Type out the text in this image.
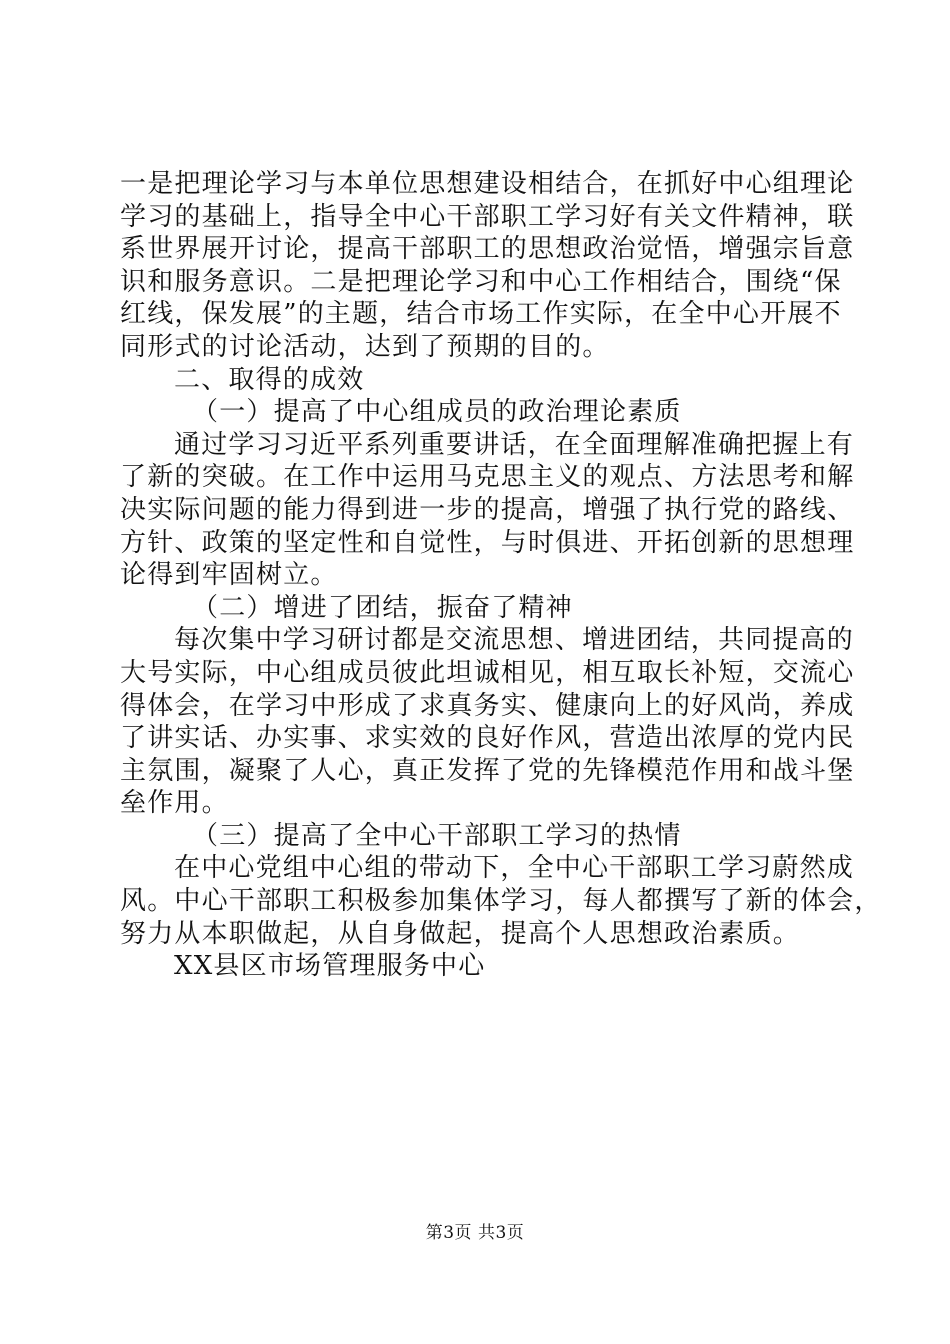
一是把理论学习与本单位思想建设相结合，在抓好中心组理论
学习的基础上，指导全中心干部职工学习好有关文件精神，联
系世界展开讨论，提高干部职工的思想政治觉悟，增强宗旨意
识和服务意识。二是把理论学习和中心工作相结合，围绕“保
红线，保发展”的主题，结合市场工作实际，在全中心开展不
同形式的讨论活动，达到了预期的目的。
二、取得的成效
（一）提高了中心组成员的政治理论素质
通过学习习近平系列重要讲话，在全面理解准确把握上有
了新的突破。在工作中运用马克思主义的观点、方法思考和解
决实际问题的能力得到进一步的提高，增强了执行党的路线、
方针、政策的坚定性和自觉性，与时俱进、开拓创新的思想理
论得到牢固树立。
（二）增进了团结，振奋了精神
每次集中学习研讨都是交流思想、增进团结，共同提高的
大号实际，中心组成员彼此坦诚相见，相互取长补短，交流心
得体会，在学习中形成了求真务实、健康向上的好风尚，养成
了讲实话、办实事、求实效的良好作风，营造出浓厚的党内民
主氛围，凝聚了人心，真正发挥了党的先锋模范作用和战斗堡
垒作用。
（三）提高了全中心干部职工学习的热情
在中心党组中心组的带动下，全中心干部职工学习蔚然成
风。中心干部职工积极参加集体学习，每人都撰写了新的体会，
努力从本职做起，从自身做起，提高个人思想政治素质。
XX县区市场管理服务中心
第3页 共3页
